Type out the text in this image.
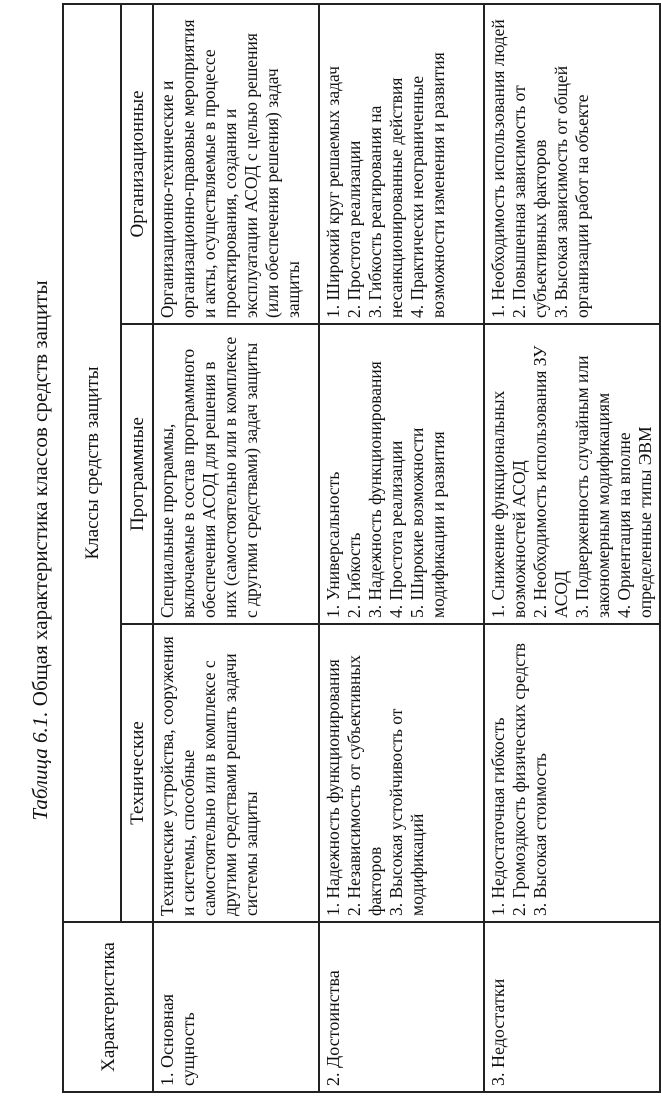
Таблица 6.1. Общая характеристика классов средств защиты
Характеристика	Классы средств защиты		
	Технические	Программные	Организационные
1. Основная сущность	Технические устройства, сооружения и системы, способные самостоятельно или в комплексе с другими средствами решать задачи системы защиты	Специальные программы, включаемые в состав программного обеспечения АСОД для решения в них (самостоятельно или в комплексе с другими средствами) задач защиты	Организационно-технические и организационно-правовые мероприятия и акты, осуществляемые в процессе проектирования, создания и эксплуатации АСОД с целью решения (или обеспечения решения) задач защиты

2. Достоинства	1. Надежность функционирования 2. Независимость от субъективных факторов 3. Высокая устойчивость от модификаций	1. Универсальность 2. Гибкость 3. Надежность функционирования 4. Простота реализации 5. Широкие возможности модификации и развития	1. Широкий круг решаемых задач 2. Простота реализации 3. Гибкость реагирования на несанкционированные действия 4. Практически неограниченные возможности изменения и развития

3. Недостатки	1. Недостаточная гибкость 2. Громоздкость физических средств 3. Высокая стоимость	1. Снижение функциональных возможностей АСОД 2. Необходимость использования ЗУ АСОД 3. Подверженность случайным или закономерным модификациям 4. Ориентация на вполне определенные типы ЭВМ	1. Необходимость использования людей 2. Повышенная зависимость от субъективных факторов 3. Высокая зависимость от общей организации работ на объекте
